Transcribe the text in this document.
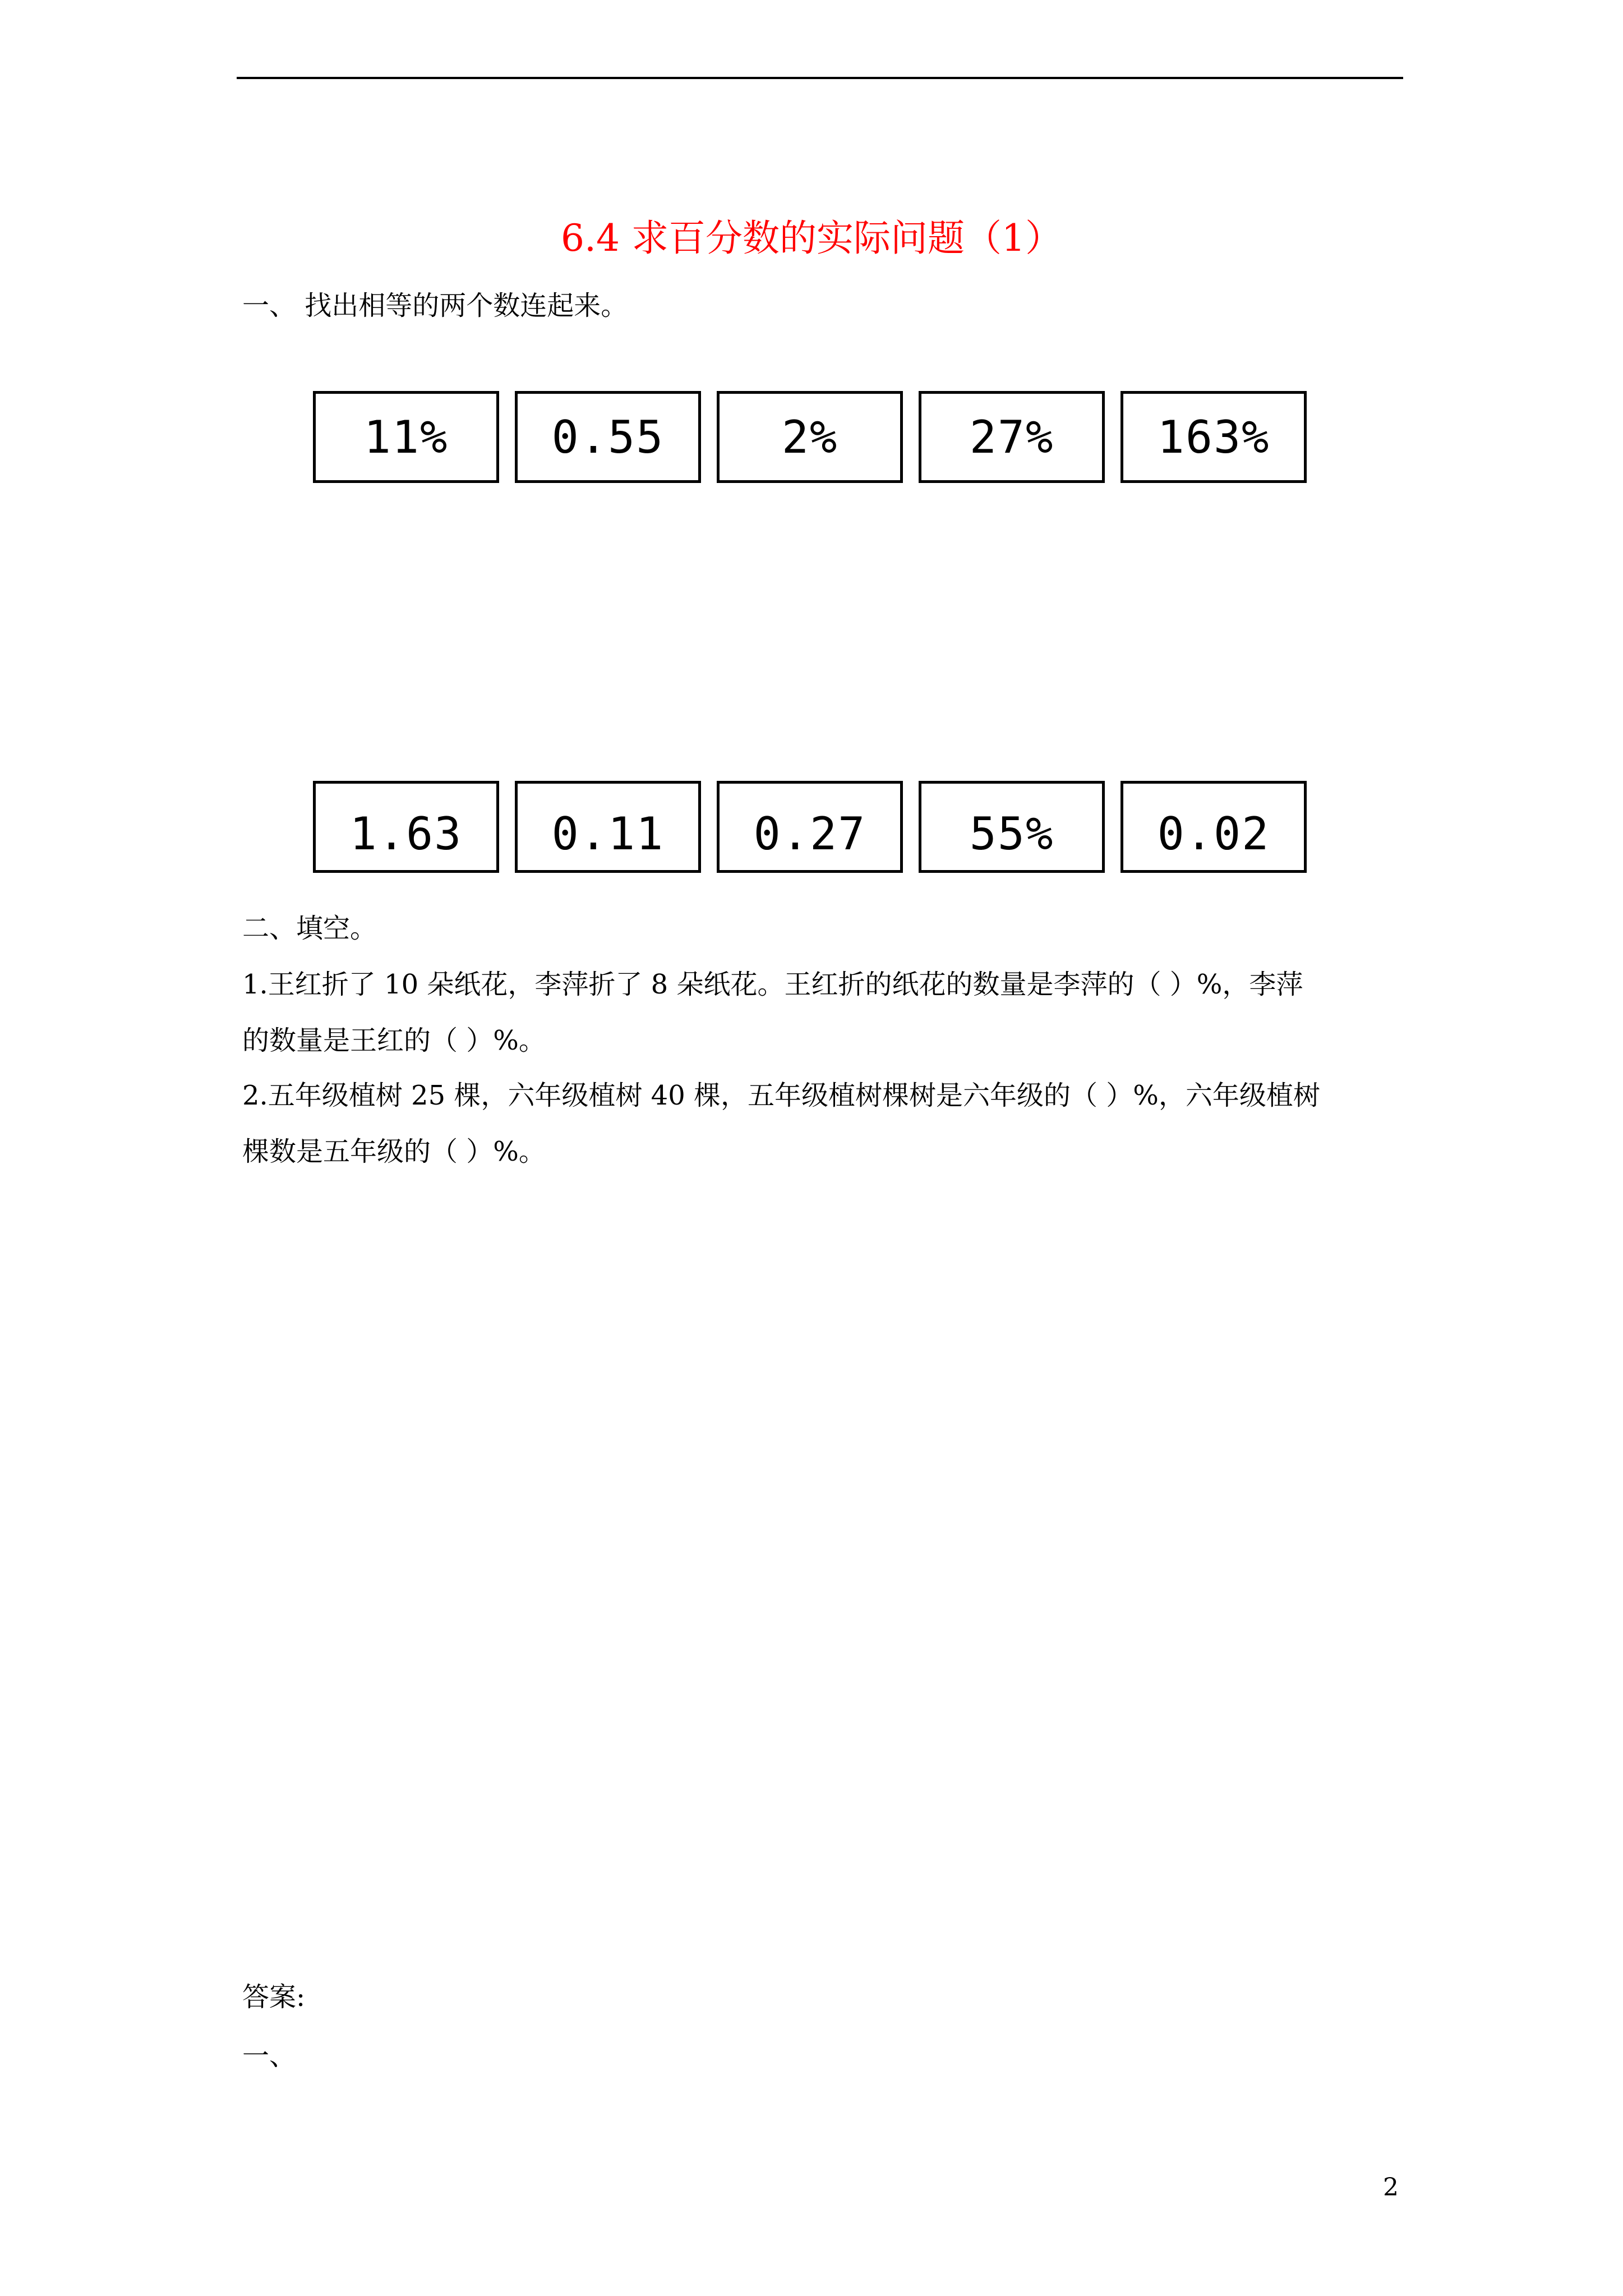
6.4 求百分数的实际问题（1）
一、 找出相等的两个数连起来。
11% 0.55	2%	27% 163%
1.63 0.11 0.27 55% 0.02
二、填空。
1.王红折了 10 朵纸花，李萍折了 8 朵纸花。王红折的纸花的数量是李萍的（ ）%，李萍
的数量是王红的（ ）%。
2.五年级植树 25 棵，六年级植树 40 棵，五年级植树棵树是六年级的（ ）%，六年级植树
棵数是五年级的（ ）%。
答案:
一、
2
